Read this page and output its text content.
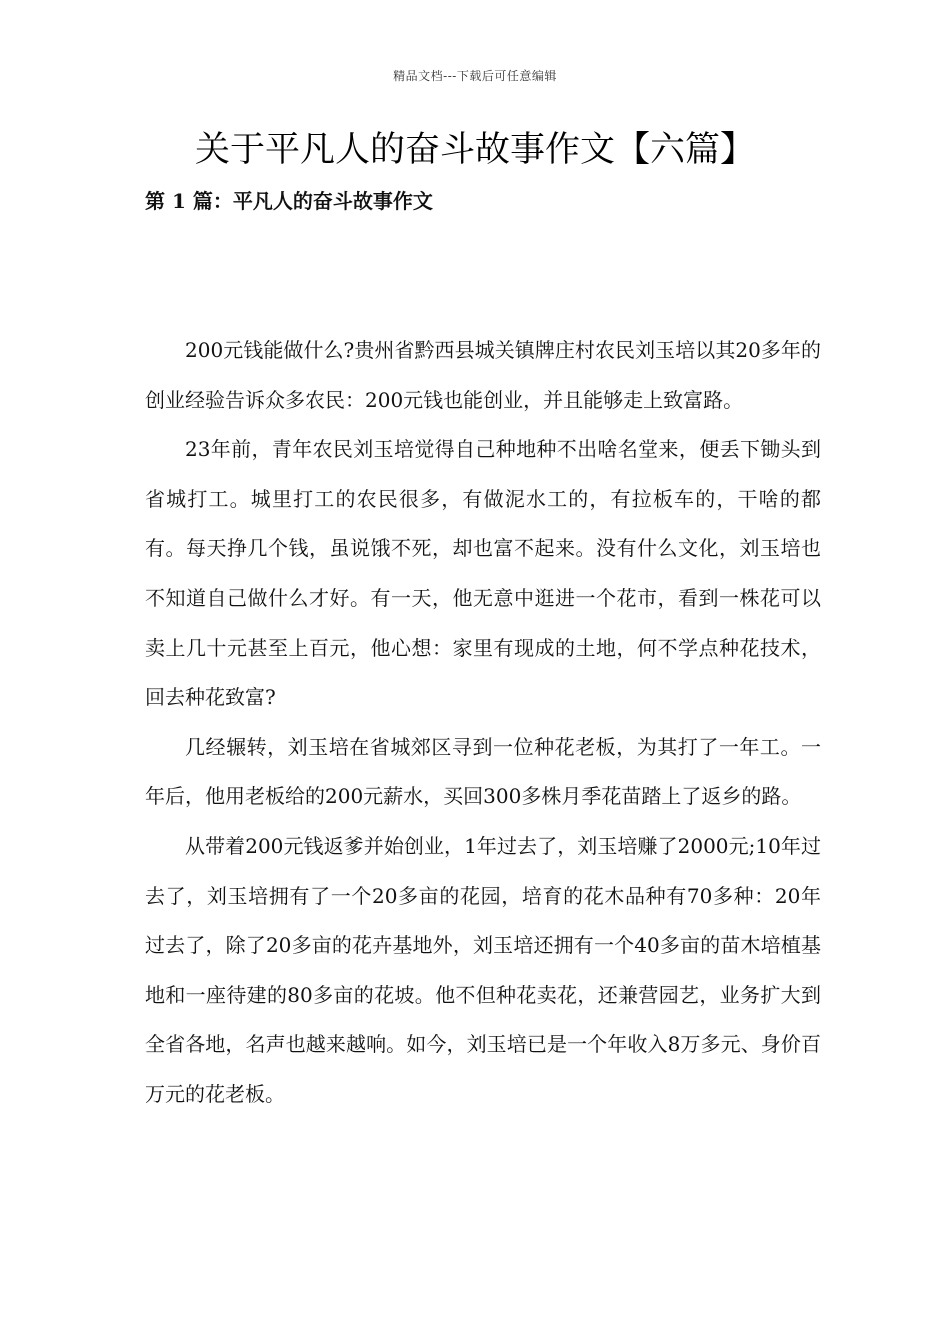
精品文档---下载后可任意编辑
关于平凡人的奋斗故事作文【六篇】
第 1 篇：平凡人的奋斗故事作文

200元钱能做什么?贵州省黔西县城关镇牌庄村农民刘玉培以其20多年的创业经验告诉众多农民：200元钱也能创业，并且能够走上致富路。

23年前，青年农民刘玉培觉得自己种地种不出啥名堂来，便丢下锄头到省城打工。城里打工的农民很多，有做泥水工的，有拉板车的，干啥的都有。每天挣几个钱，虽说饿不死，却也富不起来。没有什么文化，刘玉培也不知道自己做什么才好。有一天，他无意中逛进一个花市，看到一株花可以卖上几十元甚至上百元，他心想：家里有现成的土地，何不学点种花技术，回去种花致富?

几经辗转，刘玉培在省城郊区寻到一位种花老板，为其打了一年工。一年后，他用老板给的200元薪水，买回300多株月季花苗踏上了返乡的路。

从带着200元钱返爹并始创业，1年过去了，刘玉培赚了2000元;10年过去了，刘玉培拥有了一个20多亩的花园，培育的花木品种有70多种：20年过去了，除了20多亩的花卉基地外，刘玉培还拥有一个40多亩的苗木培植基地和一座待建的80多亩的花坡。他不但种花卖花，还兼营园艺，业务扩大到全省各地，名声也越来越响。如今，刘玉培已是一个年收入8万多元、身价百万元的花老板。
